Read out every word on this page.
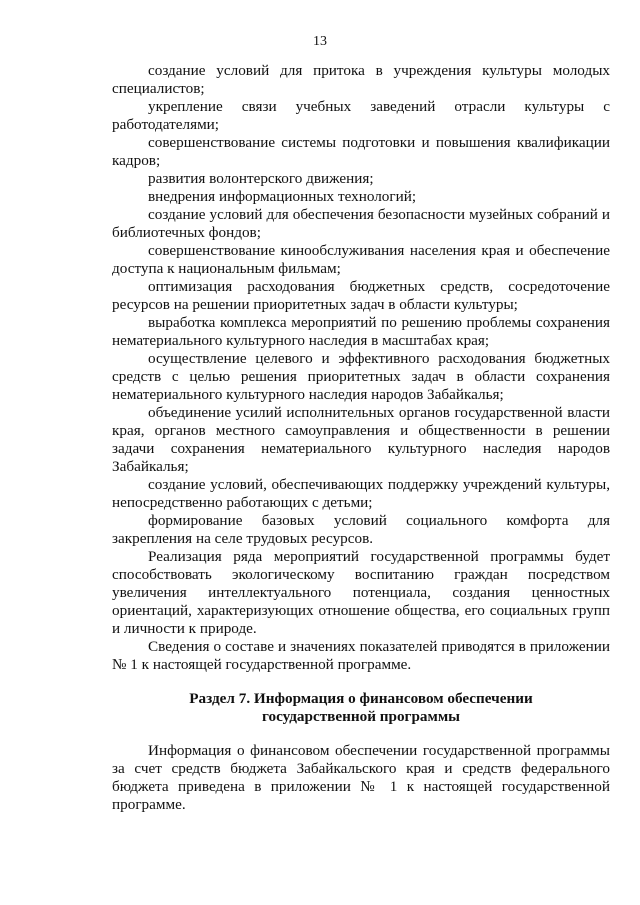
13

создание условий для притока в учреждения культуры молодых специалистов;

укрепление связи учебных заведений отрасли культуры с работодателями;

совершенствование системы подготовки и повышения квалификации кадров;

развития волонтерского движения;

внедрения информационных технологий;

создание условий для обеспечения безопасности музейных собраний и библиотечных фондов;

совершенствование кинообслуживания населения края и обеспечение доступа к национальным фильмам;

оптимизация расходования бюджетных средств, сосредоточение ресурсов на решении приоритетных задач в области культуры;

выработка комплекса мероприятий по решению проблемы сохранения нематериального культурного наследия в масштабах края;

осуществление целевого и эффективного расходования бюджетных средств с целью решения приоритетных задач в области сохранения нематериального культурного наследия народов Забайкалья;

объединение усилий исполнительных органов государственной власти края, органов местного самоуправления и общественности в решении задачи сохранения нематериального культурного наследия народов Забайкалья;

создание условий, обеспечивающих поддержку учреждений культуры, непосредственно работающих с детьми;

формирование базовых условий социального комфорта для закрепления на селе трудовых ресурсов.

Реализация ряда мероприятий государственной программы будет способствовать экологическому воспитанию граждан посредством увеличения интеллектуального потенциала, создания ценностных ориентаций, характеризующих отношение общества, его социальных групп и личности к природе.

Сведения о составе и значениях показателей приводятся в приложении № 1 к настоящей государственной программе.

Раздел 7. Информация о финансовом обеспечении государственной программы

Информация о финансовом обеспечении государственной программы за счет средств бюджета Забайкальского края и средств федерального бюджета приведена в приложении № 1 к настоящей государственной программе.
